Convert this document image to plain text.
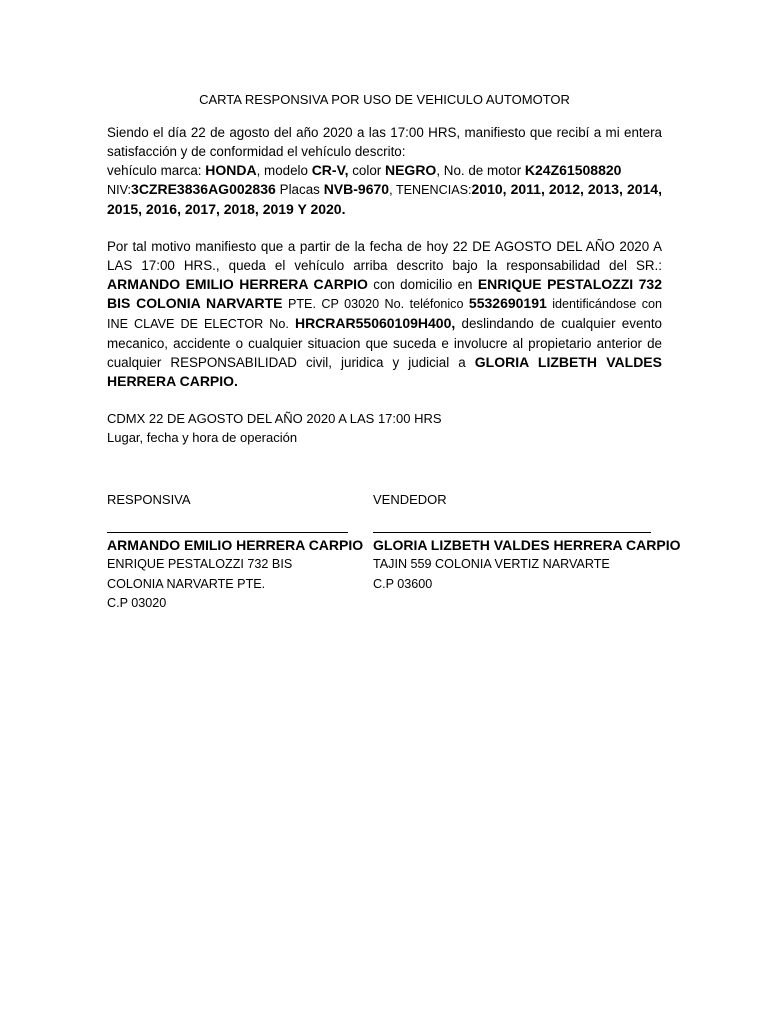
CARTA RESPONSIVA POR USO DE VEHICULO AUTOMOTOR

Siendo el día 22 de agosto del año 2020 a las 17:00 HRS, manifiesto que recibí a mi entera satisfacción y de conformidad el vehículo descrito:
vehículo marca: HONDA, modelo CR-V, color NEGRO, No. de motor K24Z61508820
NIV:3CZRE3836AG002836 Placas NVB-9670, TENENCIAS:2010, 2011, 2012, 2013, 2014, 2015, 2016, 2017, 2018, 2019 Y 2020.

Por tal motivo manifiesto que a partir de la fecha de hoy 22 DE AGOSTO DEL AÑO 2020 A LAS 17:00 HRS., queda el vehículo arriba descrito bajo la responsabilidad del SR.: ARMANDO EMILIO HERRERA CARPIO con domicilio en ENRIQUE PESTALOZZI 732 BIS COLONIA NARVARTE PTE. CP 03020 No. teléfonico 5532690191 identificándose con INE CLAVE DE ELECTOR No. HRCRAR55060109H400, deslindando de cualquier evento mecanico, accidente o cualquier situacion que suceda e involucre al propietario anterior de cualquier RESPONSABILIDAD civil, juridica y judicial a GLORIA LIZBETH VALDES HERRERA CARPIO.

CDMX 22 DE AGOSTO DEL AÑO 2020 A LAS 17:00 HRS
Lugar, fecha y hora de operación
RESPONSIVA
ARMANDO EMILIO HERRERA CARPIO
ENRIQUE PESTALOZZI 732 BIS
COLONIA NARVARTE PTE.
C.P 03020
VENDEDOR
GLORIA LIZBETH VALDES HERRERA CARPIO
TAJIN 559 COLONIA VERTIZ NARVARTE
C.P 03600
